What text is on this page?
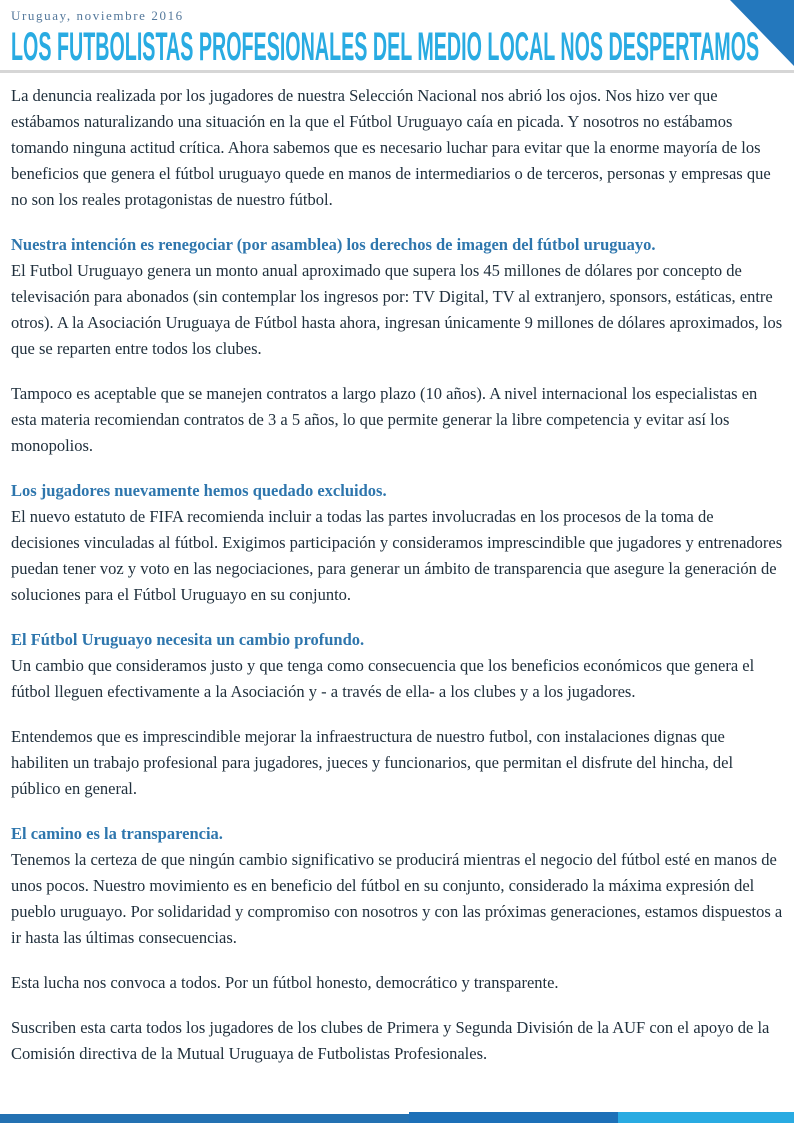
Uruguay, noviembre 2016

LOS FUTBOLISTAS PROFESIONALES DEL MEDIO LOCAL NOS DESPERTAMOS

La denuncia realizada por los jugadores de nuestra Selección Nacional nos abrió los ojos. Nos hizo ver que estábamos naturalizando una situación en la que el Fútbol Uruguayo caía en picada. Y nosotros no estábamos tomando ninguna actitud crítica. Ahora sabemos que es necesario luchar para evitar que la enorme mayoría de los beneficios que genera el fútbol uruguayo quede en manos de intermediarios o de terceros, personas y empresas que no son los reales protagonistas de nuestro fútbol.

Nuestra intención es renegociar (por asamblea) los derechos de imagen del fútbol uruguayo.

El Futbol Uruguayo genera un monto anual aproximado que supera los 45 millones de dólares por concepto de televisación para abonados (sin contemplar los ingresos por: TV Digital, TV al extranjero, sponsors, estáticas, entre otros). A la Asociación Uruguaya de Fútbol hasta ahora, ingresan únicamente 9 millones de dólares aproximados, los que se reparten entre todos los clubes.

Tampoco es aceptable que se manejen contratos a largo plazo (10 años). A nivel internacional los especialistas en esta materia recomiendan contratos de 3 a 5 años, lo que permite generar la libre competencia y evitar así los monopolios.

Los jugadores nuevamente hemos quedado excluidos.

El nuevo estatuto de FIFA recomienda incluir a todas las partes involucradas en los procesos de la toma de decisiones vinculadas al fútbol. Exigimos participación y consideramos imprescindible que jugadores y entrenadores puedan tener voz y voto en las negociaciones, para generar un ámbito de transparencia que asegure la generación de soluciones para el Fútbol Uruguayo en su conjunto.

El Fútbol Uruguayo necesita un cambio profundo.

Un cambio que consideramos justo y que tenga como consecuencia que los beneficios económicos que genera el fútbol lleguen efectivamente a la Asociación y - a través de ella- a los clubes y a los jugadores.

Entendemos que es imprescindible mejorar la infraestructura de nuestro futbol, con instalaciones dignas que habiliten un trabajo profesional para jugadores, jueces y funcionarios, que permitan el disfrute del hincha, del público en general.

El camino es la transparencia.

Tenemos la certeza de que ningún cambio significativo se producirá mientras el negocio del fútbol esté en manos de unos pocos. Nuestro movimiento es en beneficio del fútbol en su conjunto, considerado la máxima expresión del pueblo uruguayo. Por solidaridad y compromiso con nosotros y con las próximas generaciones, estamos dispuestos a ir hasta las últimas consecuencias.

Esta lucha nos convoca a todos. Por un fútbol honesto, democrático y transparente.

Suscriben esta carta todos los jugadores de los clubes de Primera y Segunda División de la AUF con el apoyo de la Comisión directiva de la Mutual Uruguaya de Futbolistas Profesionales.
